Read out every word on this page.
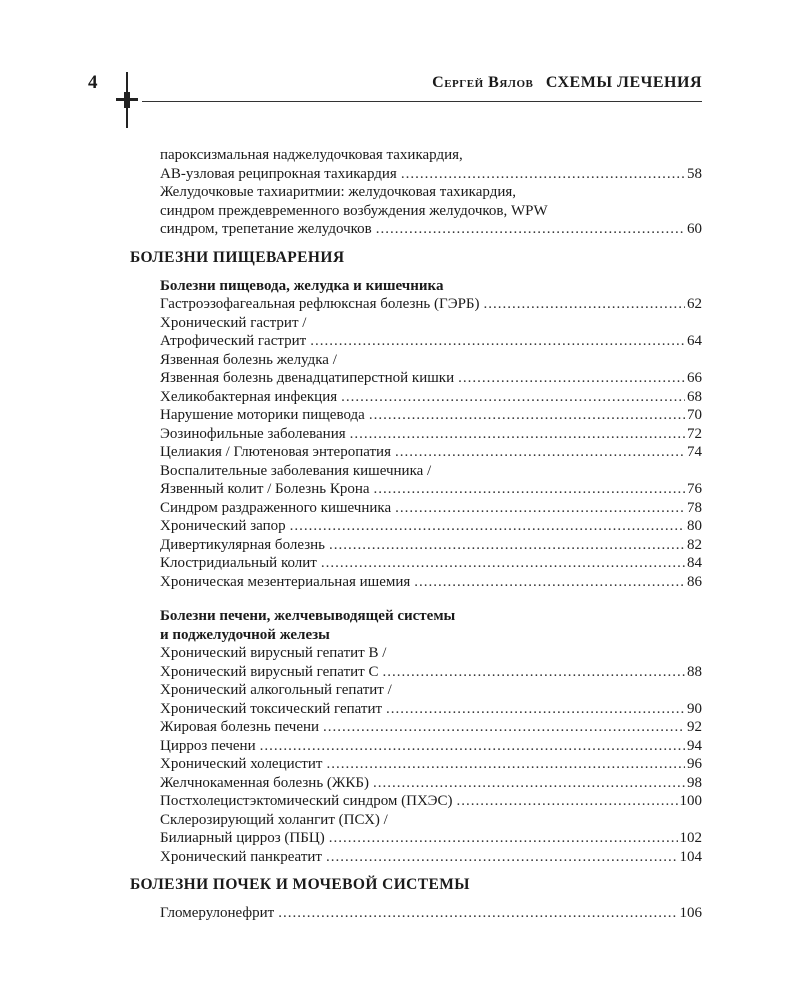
4	Сергей Вялов СХЕМЫ ЛЕЧЕНИЯ
пароксизмальная наджелудочковая тахикардия,
АВ-узловая реципрокная тахикардия .....	58
Желудочковые тахиаритмии: желудочковая тахикардия,
синдром преждевременного возбуждения желудочков, WPW
синдром, трепетание желудочков .....	60
БОЛЕЗНИ ПИЩЕВАРЕНИЯ
Болезни пищевода, желудка и кишечника
Гастроэзофагеальная рефлюксная болезнь (ГЭРБ) .....	62
Хронический гастрит /
Атрофический гастрит .....	64
Язвенная болезнь желудка /
Язвенная болезнь двенадцатиперстной кишки .....	66
Хеликобактерная инфекция .....	68
Нарушение моторики пищевода .....	70
Эозинофильные заболевания .....	72
Целиакия / Глютеновая энтеропатия .....	74
Воспалительные заболевания кишечника /
Язвенный колит / Болезнь Крона .....	76
Синдром раздраженного кишечника .....	78
Хронический запор .....	80
Дивертикулярная болезнь .....	82
Клостридиальный колит .....	84
Хроническая мезентериальная ишемия .....	86
Болезни печени, желчевыводящей системы
и поджелудочной железы
Хронический вирусный гепатит B /
Хронический вирусный гепатит C .....	88
Хронический алкогольный гепатит /
Хронический токсический гепатит .....	90
Жировая болезнь печени .....	92
Цирроз печени .....	94
Хронический холецистит .....	96
Желчнокаменная болезнь (ЖКБ) .....	98
Постхолецистэктомический синдром (ПХЭС) .....	100
Склерозирующий холангит (ПСХ) /
Билиарный цирроз (ПБЦ) .....	102
Хронический панкреатит .....	104
БОЛЕЗНИ ПОЧЕК И МОЧЕВОЙ СИСТЕМЫ
Гломерулонефрит .....	106
